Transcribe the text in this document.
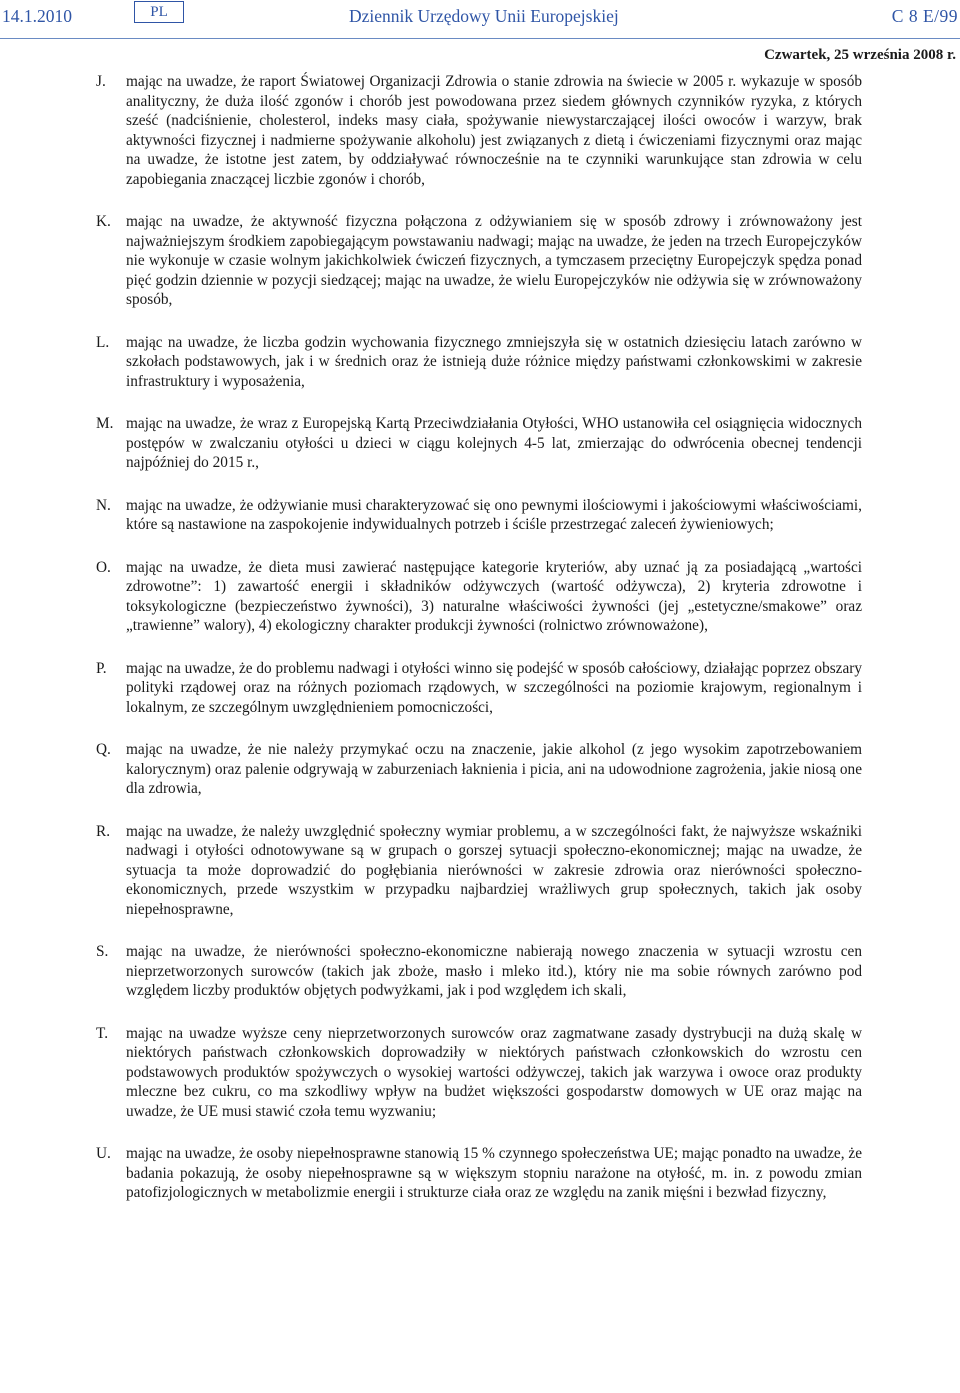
14.1.2010	PL	Dziennik Urzędowy Unii Europejskiej	C 8 E/99
Czwartek, 25 września 2008 r.
J. mając na uwadze, że raport Światowej Organizacji Zdrowia o stanie zdrowia na świecie w 2005 r. wykazuje w sposób analityczny, że duża ilość zgonów i chorób jest powodowana przez siedem głównych czynników ryzyka, z których sześć (nadciśnienie, cholesterol, indeks masy ciała, spożywanie niewystarczającej ilości owoców i warzyw, brak aktywności fizycznej i nadmierne spożywanie alkoholu) jest związanych z dietą i ćwiczeniami fizycznymi oraz mając na uwadze, że istotne jest zatem, by oddziaływać równocześnie na te czynniki warunkujące stan zdrowia w celu zapobiegania znaczącej liczbie zgonów i chorób,
K. mając na uwadze, że aktywność fizyczna połączona z odżywianiem się w sposób zdrowy i zrównoważony jest najważniejszym środkiem zapobiegającym powstawaniu nadwagi; mając na uwadze, że jeden na trzech Europejczyków nie wykonuje w czasie wolnym jakichkolwiek ćwiczeń fizycznych, a tymczasem przeciętny Europejczyk spędza ponad pięć godzin dziennie w pozycji siedzącej; mając na uwadze, że wielu Europejczyków nie odżywia się w zrównoważony sposób,
L. mając na uwadze, że liczba godzin wychowania fizycznego zmniejszyła się w ostatnich dziesięciu latach zarówno w szkołach podstawowych, jak i w średnich oraz że istnieją duże różnice między państwami członkowskimi w zakresie infrastruktury i wyposażenia,
M. mając na uwadze, że wraz z Europejską Kartą Przeciwdziałania Otyłości, WHO ustanowiła cel osiągnięcia widocznych postępów w zwalczaniu otyłości u dzieci w ciągu kolejnych 4-5 lat, zmierzając do odwrócenia obecnej tendencji najpóźniej do 2015 r.,
N. mając na uwadze, że odżywianie musi charakteryzować się ono pewnymi ilościowymi i jakościowymi właściwościami, które są nastawione na zaspokojenie indywidualnych potrzeb i ściśle przestrzegać zaleceń żywieniowych;
O. mając na uwadze, że dieta musi zawierać następujące kategorie kryteriów, aby uznać ją za posiadającą „wartości zdrowotne”: 1) zawartość energii i składników odżywczych (wartość odżywcza), 2) kryteria zdrowotne i toksykologiczne (bezpieczeństwo żywności), 3) naturalne właściwości żywności (jej „estetyczne/smakowe” oraz „trawienne” walory), 4) ekologiczny charakter produkcji żywności (rolnictwo zrównoważone),
P. mając na uwadze, że do problemu nadwagi i otyłości winno się podejść w sposób całościowy, działając poprzez obszary polityki rządowej oraz na różnych poziomach rządowych, w szczególności na poziomie krajowym, regionalnym i lokalnym, ze szczególnym uwzględnieniem pomocniczości,
Q. mając na uwadze, że nie należy przymykać oczu na znaczenie, jakie alkohol (z jego wysokim zapotrzebowaniem kalorycznym) oraz palenie odgrywają w zaburzeniach łaknienia i picia, ani na udowodnione zagrożenia, jakie niosą one dla zdrowia,
R. mając na uwadze, że należy uwzględnić społeczny wymiar problemu, a w szczególności fakt, że najwyższe wskaźniki nadwagi i otyłości odnotowywane są w grupach o gorszej sytuacji społeczno-ekonomicznej; mając na uwadze, że sytuacja ta może doprowadzić do pogłębiania nierówności w zakresie zdrowia oraz nierówności społeczno-ekonomicznych, przede wszystkim w przypadku najbardziej wrażliwych grup społecznych, takich jak osoby niepełnosprawne,
S. mając na uwadze, że nierówności społeczno-ekonomiczne nabierają nowego znaczenia w sytuacji wzrostu cen nieprzetworzonych surowców (takich jak zboże, masło i mleko itd.), który nie ma sobie równych zarówno pod względem liczby produktów objętych podwyżkami, jak i pod względem ich skali,
T. mając na uwadze wyższe ceny nieprzetworzonych surowców oraz zagmatwane zasady dystrybucji na dużą skalę w niektórych państwach członkowskich doprowadziły w niektórych państwach członkowskich do wzrostu cen podstawowych produktów spożywczych o wysokiej wartości odżywczej, takich jak warzywa i owoce oraz produkty mleczne bez cukru, co ma szkodliwy wpływ na budżet większości gospodarstw domowych w UE oraz mając na uwadze, że UE musi stawić czoła temu wyzwaniu;
U. mając na uwadze, że osoby niepełnosprawne stanowią 15 % czynnego społeczeństwa UE; mając ponadto na uwadze, że badania pokazują, że osoby niepełnosprawne są w większym stopniu narażone na otyłość, m. in. z powodu zmian patofizjologicznych w metabolizmie energii i strukturze ciała oraz ze względu na zanik mięśni i bezwład fizyczny,
